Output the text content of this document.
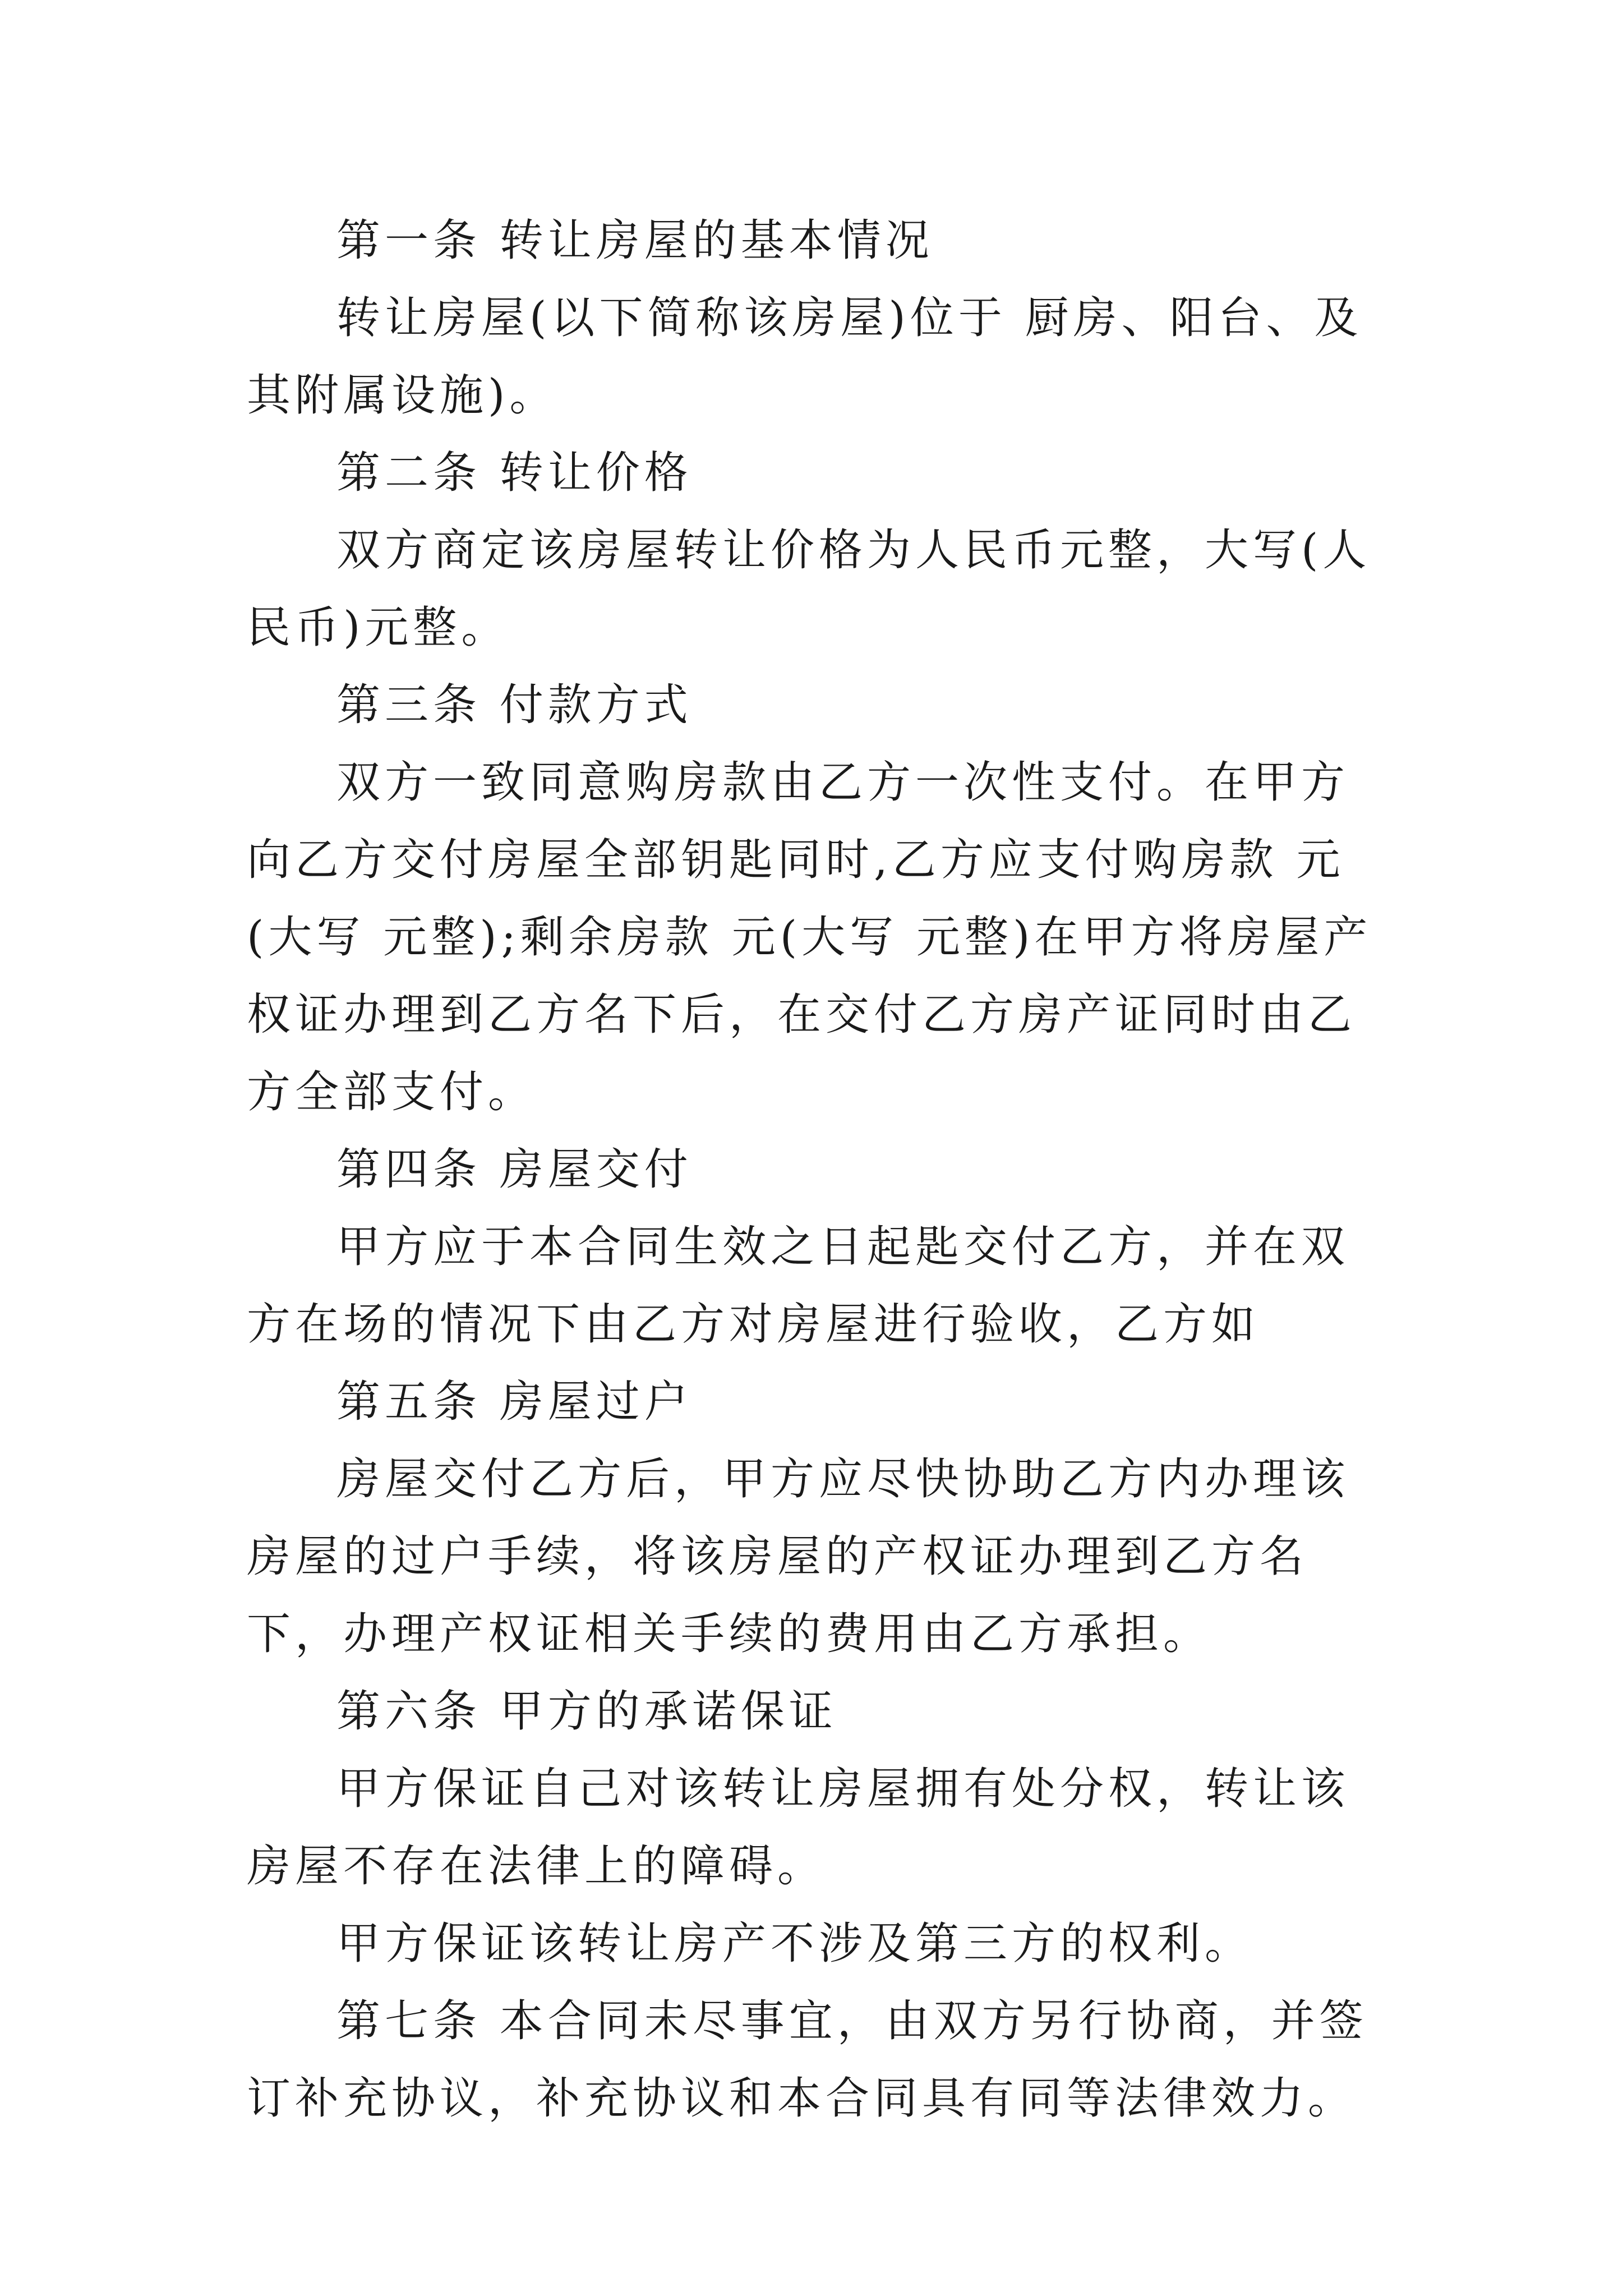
第一条 转让房屋的基本情况

转让房屋(以下简称该房屋)位于 厨房、阳台、及其附属设施)。

第二条 转让价格

双方商定该房屋转让价格为人民币元整，大写(人民币)元整。

第三条 付款方式

双方一致同意购房款由乙方一次性支付。在甲方向乙方交付房屋全部钥匙同时,乙方应支付购房款 元(大写 元整);剩余房款 元(大写 元整)在甲方将房屋产权证办理到乙方名下后，在交付乙方房产证同时由乙方全部支付。

第四条 房屋交付

甲方应于本合同生效之日起匙交付乙方，并在双方在场的情况下由乙方对房屋进行验收，乙方如

第五条 房屋过户

房屋交付乙方后，甲方应尽快协助乙方内办理该房屋的过户手续，将该房屋的产权证办理到乙方名下，办理产权证相关手续的费用由乙方承担。

第六条 甲方的承诺保证

甲方保证自己对该转让房屋拥有处分权，转让该房屋不存在法律上的障碍。

甲方保证该转让房产不涉及第三方的权利。

第七条 本合同未尽事宜，由双方另行协商，并签订补充协议，补充协议和本合同具有同等法律效力。
